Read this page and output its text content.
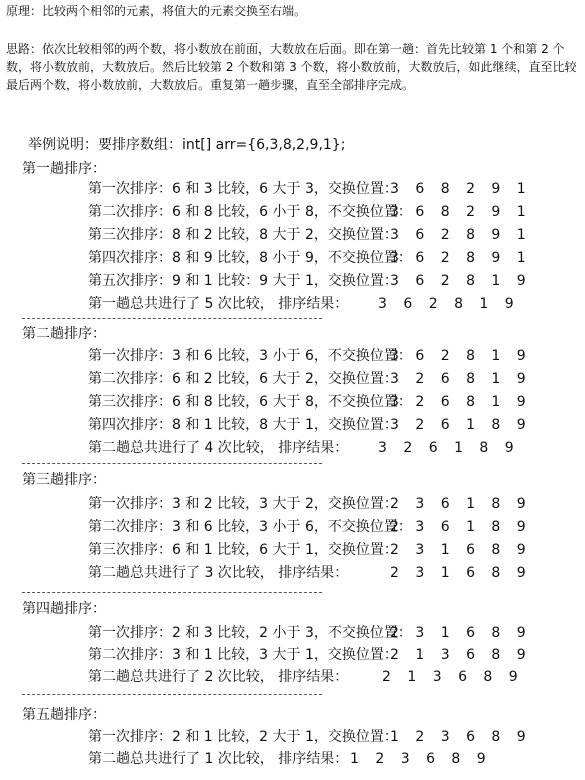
原理：比较两个相邻的元素，将值大的元素交换至右端。
思路：依次比较相邻的两个数，将小数放在前面，大数放在后面。即在第一趟：首先比较第 1 个和第 2 个数，将小数放前，大数放后。然后比较第 2 个数和第 3 个数，将小数放前，大数放后，如此继续，直至比较最后两个数，将小数放前，大数放后。重复第一趟步骤，直至全部排序完成。
举例说明：要排序数组：int[] arr={6,3,8,2,9,1};
第一趟排序：
第一次排序：6 和 3 比较，6 大于 3，交换位置：
3 6 8 2 9 1
第二次排序：6 和 8 比较，6 小于 8，不交换位置：
3 6 8 2 9 1
第三次排序：8 和 2 比较，8 大于 2，交换位置：
3 6 2 8 9 1
第四次排序：8 和 9 比较，8 小于 9，不交换位置：
3 6 2 8 9 1
第五次排序：9 和 1 比较：9 大于 1，交换位置：
3 6 2 8 1 9
第一趟总共进行了 5 次比较， 排序结果： 3 6 2 8 1 9
第二趟排序：
第一次排序：3 和 6 比较，3 小于 6，不交换位置：
3 6 2 8 1 9
第二次排序：6 和 2 比较，6 大于 2，交换位置：
3 2 6 8 1 9
第三次排序：6 和 8 比较，6 大于 8，不交换位置：
3 2 6 8 1 9
第四次排序：8 和 1 比较，8 大于 1，交换位置：
3 2 6 1 8 9
第二趟总共进行了 4 次比较， 排序结果： 3 2 6 1 8 9
第三趟排序：
第一次排序：3 和 2 比较，3 大于 2，交换位置：
2 3 6 1 8 9
第二次排序：3 和 6 比较，3 小于 6，不交换位置：
2 3 6 1 8 9
第三次排序：6 和 1 比较，6 大于 1，交换位置：
2 3 1 6 8 9
第二趟总共进行了 3 次比较， 排序结果：	2 3 1 6 8 9
第四趟排序：
第一次排序：2 和 3 比较，2 小于 3，不交换位置：
2 3 1 6 8 9
第二次排序：3 和 1 比较，3 大于 1，交换位置：
2 1 3 6 8 9
第二趟总共进行了 2 次比较， 排序结果： 2 1 3 6 8 9
第五趟排序：
第一次排序：2 和 1 比较，2 大于 1，交换位置：
1 2 3 6 8 9
第二趟总共进行了 1 次比较， 排序结果： 1 2 3 6 8 9
